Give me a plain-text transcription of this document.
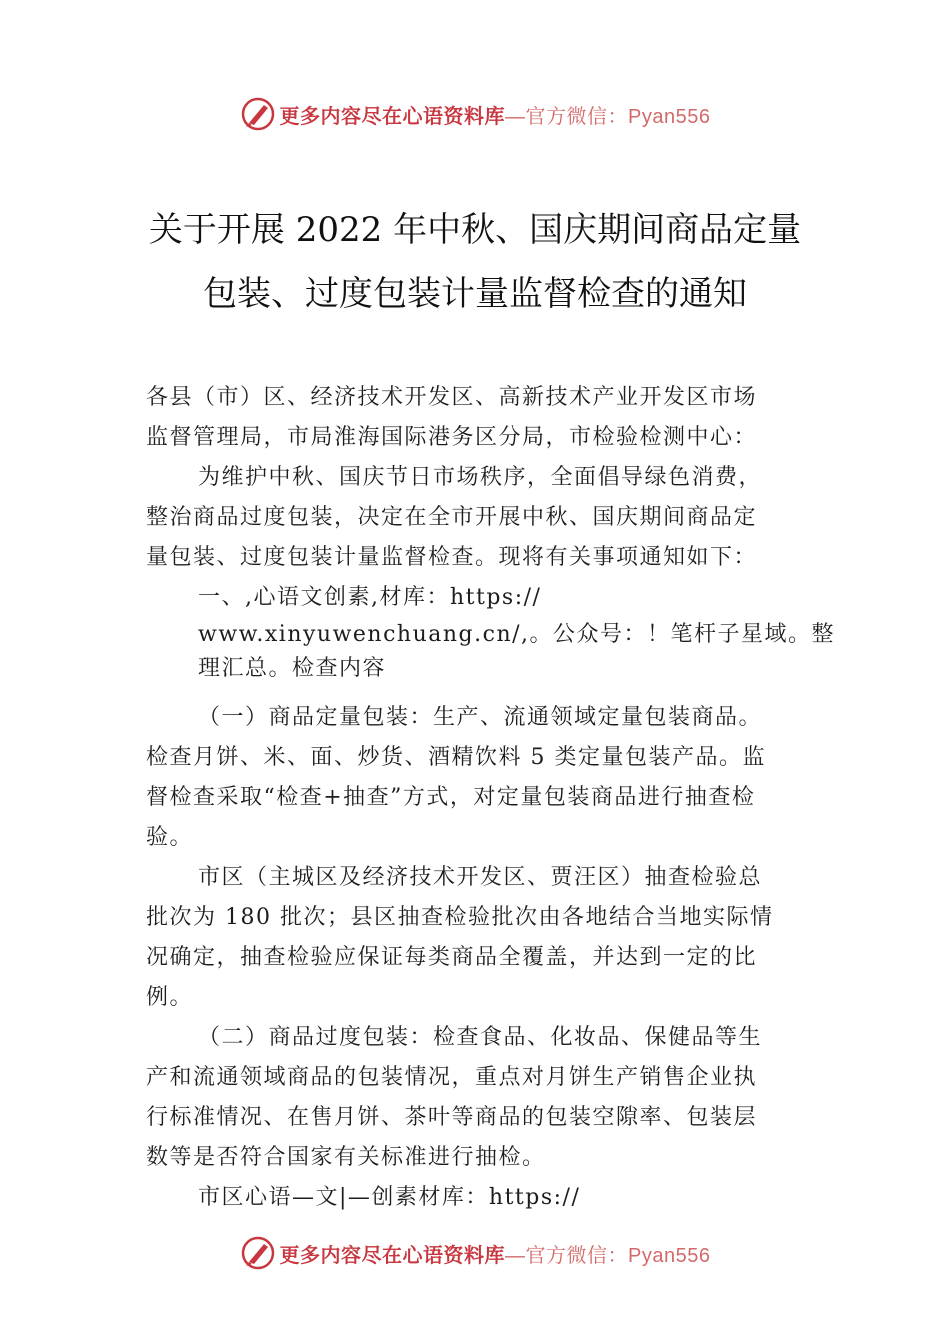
更多内容尽在心语资料库—官方微信：Pyan556
关于开展 2022 年中秋、国庆期间商品定量
包装、过度包装计量监督检查的通知
各县（市）区、经济技术开发区、高新技术产业开发区市场
监督管理局，市局淮海国际港务区分局，市检验检测中心：
为维护中秋、国庆节日市场秩序，全面倡导绿色消费，
整治商品过度包装，决定在全市开展中秋、国庆期间商品定
量包装、过度包装计量监督检查。现将有关事项通知如下：
一、,心语文创素,材库：https://
www.xinyuwenchuang.cn/,。公众号：！笔杆子星域。整
理汇总。检查内容
（一）商品定量包装：生产、流通领域定量包装商品。
检查月饼、米、面、炒货、酒精饮料 5 类定量包装产品。监
督检查采取“检查+抽查”方式，对定量包装商品进行抽查检
验。
市区（主城区及经济技术开发区、贾汪区）抽查检验总
批次为 180 批次；县区抽查检验批次由各地结合当地实际情
况确定，抽查检验应保证每类商品全覆盖，并达到一定的比
例。
（二）商品过度包装：检查食品、化妆品、保健品等生
产和流通领域商品的包装情况，重点对月饼生产销售企业执
行标准情况、在售月饼、茶叶等商品的包装空隙率、包装层
数等是否符合国家有关标准进行抽检。
市区心语—文|—创素材库：https://
更多内容尽在心语资料库—官方微信：Pyan556
